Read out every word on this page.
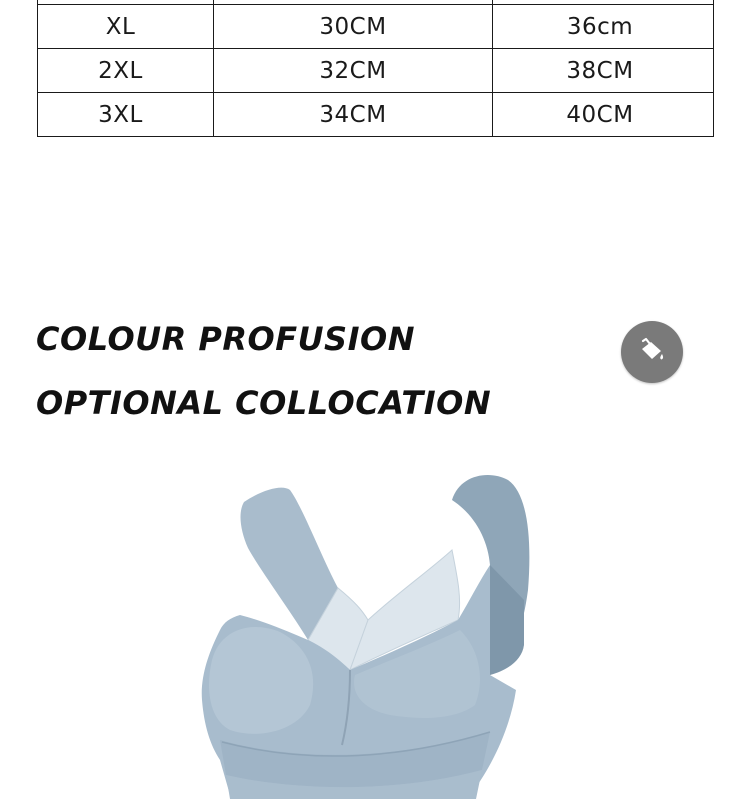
XL	30CM	36cm
2XL	32CM	38CM
3XL	34CM	40CM
COLOUR PROFUSION
OPTIONAL COLLOCATION
